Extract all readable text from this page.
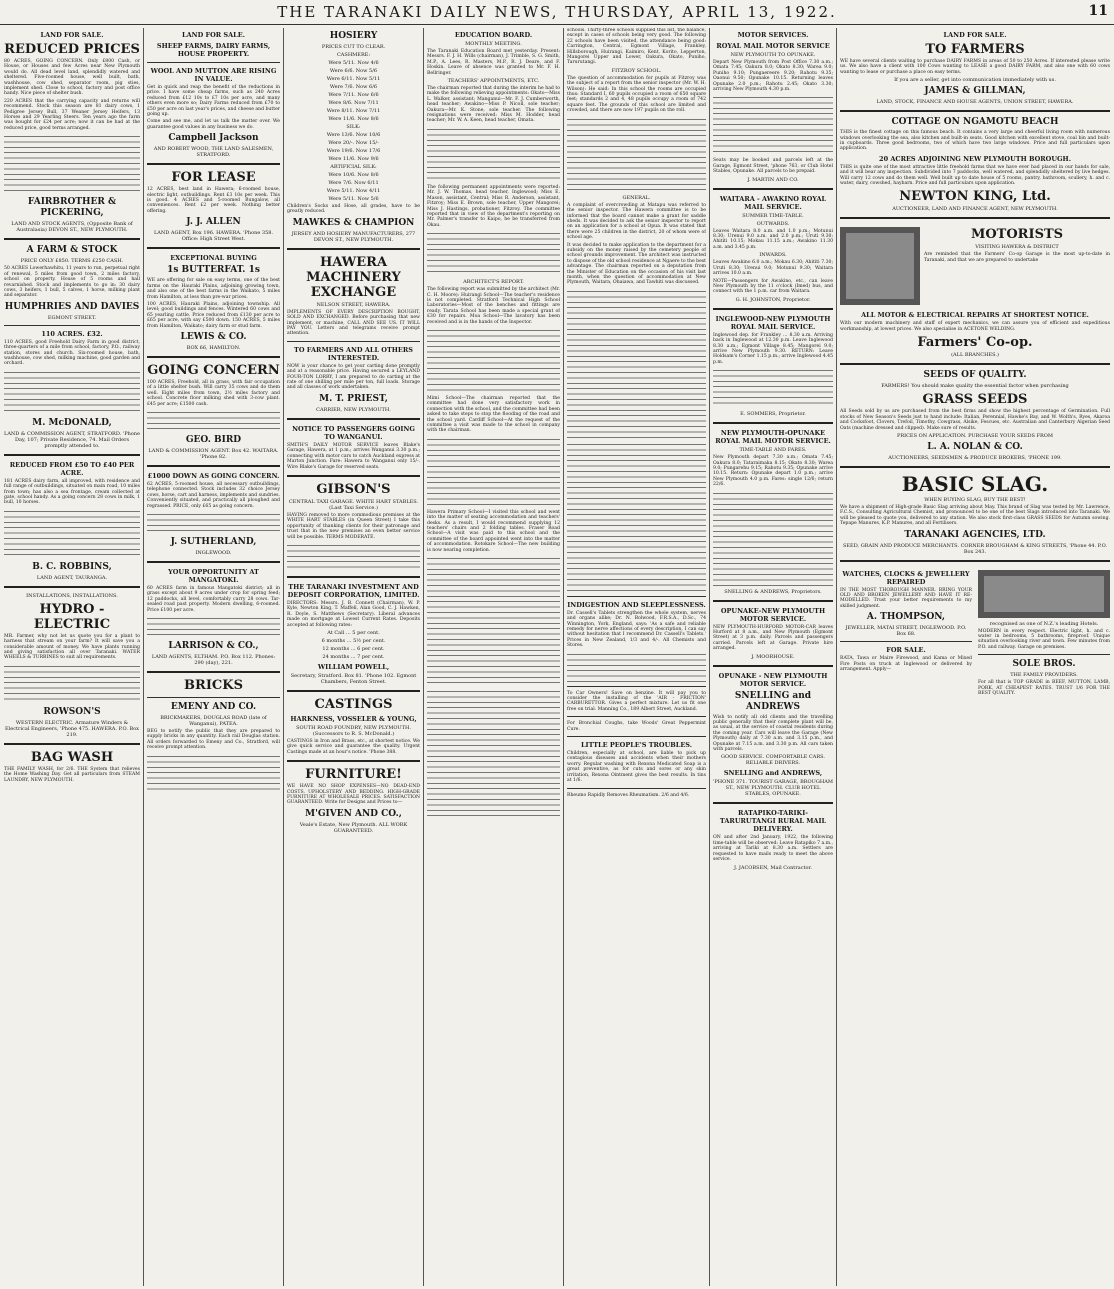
THE TARANAKI DAILY NEWS, THURSDAY, APRIL 13, 1922.	11
LAND FOR SALE.
REDUCED PRICES

80 ACRES, GOING CONCERN. Only £800 Cash, or House, or Houses and few Acres near New Plymouth would do. All dead level land, splendidly watered and sheltered. Five-roomed house, well built, bath, washhouse, cow shed, separator room, pig sties, implement shed. Close to school, factory and post office handy. Nice piece of shelter bush.

220 ACRES that the carrying capacity and returns will recommend. Stock this season are 81 dairy cows, 1 Pedigree Jersey Bull, 37 Weaner Jersey Heifers, 13 Horses and 29 Yearling Steers. Ten years ago the farm was bought for £24 per acre; now it can be had at the reduced price, good terms arranged.

FAIRBROTHER & PICKERING,
LAND AND STOCK AGENTS, (Opposite Bank of Australasia) DEVON ST., NEW PLYMOUTH.
A FARM & STOCK
PRICE ONLY £850. TERMS £250 CASH.

50 ACRES Lowerhawhitu, 11 years to run, perpetual right of renewal, 5 miles from good town, 2 miles factory, school on property. House of 5 rooms and hall revarnished. Stock and implements to go in: 30 dairy cows, 3 heifers, 1 bull, 5 calves, 1 horse, milking plant and separator.

HUMPHRIES AND DAVIES
EGMONT STREET.
110 ACRES. £32.

110 ACRES, good Freehold Dairy Farm in good district, three-quarters of a mile from school, factory, P.O., railway station, stores and church. Six-roomed house, bath, washhouse, cow shed, milking machine, good garden and orchard.

M. McDONALD,
LAND & COMMISSION AGENT, STRATFORD. 'Phone Day, 107; Private Residence, 74. Mail Orders promptly attended to.
REDUCED FROM £50 TO £40 PER ACRE.

181 ACRES dairy farm, all improved, with residence and full range of outbuildings, situated on main road, 10 miles from town; has also a sea frontage, cream collected at gate, school handy. As a going concern 28 cows in milk, 1 bull, 10 horses.

B. C. ROBBINS,
LAND AGENT, TAURANGA.
INSTALLATIONS, INSTALLATIONS.
HYDRO - ELECTRIC

MR. Farmer, why not let us quote you for a plant to harness that stream on your farm? It will save you a considerable amount of money. We have plants running and giving satisfaction all over Taranaki. WATER WHEELS & TURBINES to suit all requirements.

ROWSON'S
WESTERN ELECTRIC. Armature Winders & Electrical Engineers, 'Phone 475. HAWERA. P.O. Box 219.
BAG WASH

THE FAMILY WASH, for 2/6. THE System that relieves the Home Washing Day. Get all particulars from STEAM LAUNDRY, NEW PLYMOUTH.

LAND FOR SALE.
SHEEP FARMS, DAIRY FARMS, HOUSE PROPERTY.
WOOL AND MUTTON ARE RISING IN VALUE.

Get in quick and reap the benefit of the reductions in price. I have some cheap farms, such as 240 Acres reduced from £12 10s to £7 10s per acre, and many others even more so; Dairy Farms reduced from £70 to £50 per acre on last year's prices, and cheese and butter going up.

Come and see me, and let us talk the matter over. We guarantee good values in any business we do.

Campbell Jackson
AND ROBERT WOOD, THE LAND SALESMEN, STRATFORD.
FOR LEASE

12 ACRES, best land in Hawera; 6-roomed house, electric light, outbuildings. Rent £3 10s per week. This is good. 4 ACRES and 5-roomed Bungalow, all conveniences. Rent £2 per week. Nothing better offering.

J. J. ALLEN
LAND AGENT, Box 196. HAWERA. 'Phone 358. Office: High Street West.
EXCEPTIONAL BUYING
1s BUTTERFAT. 1s

WE are offering for sale on easy terms, one of the best farms on the Hauraki Plains, adjoining growing town, and also one of the best farms in the Waikato, 5 miles from Hamilton, at less than pre-war prices.

100 ACRES, Hauraki Plains, adjoining township. All level; good buildings and fences. Wintered 60 cows and 65 yearling cattle. Price reduced from £130 per acre to £65 per acre, with say £500 down. 150 ACRES, 5 miles from Hamilton, Waikato; dairy farm or stud farm.

LEWIS & CO.
BOX 66, HAMILTON.
GOING CONCERN

100 ACRES, Freehold, all in grass, with fair occupation of a little shelter bush. Will carry 35 cows and do them well. Eight miles from town, 2½ miles factory and school. Concrete floor milking shed with 3-cow plant. £45 per acre; £1500 cash.

GEO. BIRD
LAND & COMMISSION AGENT. Box 42. WAITARA. 'Phone 82.
£1000 DOWN AS GOING CONCERN.

62 ACRES, 5-roomed house, all necessary outbuildings, telephone connected. Stock includes 32 choice Jersey cows, horse, cart and harness, implements and sundries. Conveniently situated, and practically all ploughed and regrassed. PRICE, only £65 as going concern.

J. SUTHERLAND,
INGLEWOOD.
YOUR OPPORTUNITY AT MANGATOKI.

60 ACRES farm in famous Mangatoki district; all in grass except about 9 acres under crop for spring feed; 12 paddocks, all level, comfortably carry 28 cows. Tar-sealed road past property. Modern dwelling, 6-roomed. Price £100 per acre.

LARRISON & CO.,
LAND AGENTS, ELTHAM. P.O. Box 112. Phones: 290 (day), 221.
BRICKS
EMENY AND CO.
BRICKMAKERS, DOUGLAS ROAD (late of Wanganui), PATEA.

BEG to notify the public that they are prepared to supply bricks in any quantity. Each rail Douglas station. All orders forwarded to Emeny and Co., Stratford, will receive prompt attention.

HOSIERY
PRICES CUT TO CLEAR.
CASHMERE:
Were 5/11. Now 4/6
Were 6/6. Now 5/6
Were 6/11. Now 5/11
Were 7/6. Now 6/6
Were 7/11. Now 6/6
Were 8/6. Now 7/11
Were 8/11. Now 7/11
Were 11/6. Now 8/6
SILK:
Were 13/6. Now 10/6
Were 20/-. Now 15/-
Were 19/6. Now 17/6
Were 11/6. Now 9/6
ARTIFICIAL SILK:
Were 10/6. Now 8/6
Were 7/6. Now 6/11
Were 5/11. Now 4/11
Were 5/11. Now 5/6

Children's Socks and Hose, all grades, have to be greatly reduced.

MAWKES & CHAMPION
JERSEY AND HOSIERY MANUFACTURERS, 277 DEVON ST., NEW PLYMOUTH.
HAWERA MACHINERY EXCHANGE
NELSON STREET, HAWERA.

IMPLEMENTS OF EVERY DESCRIPTION BOUGHT, SOLD AND EXCHANGED. Before purchasing that new implement, or machine, CALL AND SEE US. IT WILL PAY YOU. Letters and telegrams receive prompt attention.

TO FARMERS AND ALL OTHERS INTERESTED.

NOW is your chance to get your carting done promptly and at a reasonable price. Having secured a LEYLAND FOUR-TON LORRY, I am prepared to do carting at the rate of one shilling per mile per ton, full loads. Storage and all classes of work undertaken.

M. T. PRIEST,
CARRIER, NEW PLYMOUTH.
NOTICE TO PASSENGERS GOING TO WANGANUI.

SMITH'S DAILY MOTOR SERVICE leaves Blake's Garage, Hawera, at 1 p.m.; arrives Wanganui 3.30 p.m.; connecting with motor cars to catch Auckland express at Marton Junction. Fare: Hawera to Wanganui only 15/-. Wire Blake's Garage for reserved seats.

GIBSON'S
CENTRAL TAXI GARAGE. WHITE HART STABLES. (Last Taxi Service.)

HAVING removed to more commodious premises at the WHITE HART STABLES (in Queen Street) I take this opportunity of thanking clients for their patronage and trust that in the new premises an even better service will be possible. TERMS MODERATE.

THE TARANAKI INVESTMENT AND DEPOSIT CORPORATION, LIMITED.

DIRECTORS: Messrs. J. B. Connett (Chairman), W. P. Kyle, Newton King, T. Maffell, Alan Good, C. J. Hawken, R. Doyle, S. Matthews (Secretary). Liberal advances made on mortgage at Lowest Current Rates. Deposits accepted at following rates:

At Call ... 5 per cent.
6 months ... 5½ per cent.
12 months ... 6 per cent.
24 months ... 7 per cent.
WILLIAM POWELL,
Secretary, Stratford. Box 81. 'Phone 102. Egmont Chambers, Fenton Street.
CASTINGS
HARKNESS, VOSSELER & YOUNG,
SOUTH ROAD FOUNDRY, NEW PLYMOUTH. (Successors to R. S. McDonald.)

CASTINGS in Iron and Brass, etc., at shortest notice. We give quick service and guarantee the quality. Urgent Castings made at an hour's notice. 'Phone 388.

FURNITURE!

WE HAVE NO SHOP EXPENSES—NO DEAD-END COSTS. UPHOLSTERY AND BEDDING. HIGH-GRADE FURNITURE AT WHOLESALE PRICES. SATISFACTION GUARANTEED. Write for Designs and Prices to—

M'GIVEN AND CO.,
Veale's Estate, New Plymouth. ALL WORK GUARANTEED.
EDUCATION BOARD.
MONTHLY MEETING.

The Taranaki Education Board met yesterday. Present: Messrs. F. J. H. Wills (chairman), J. Trimble, S. G. Smith, M.P., A. Lees, R. Masters, M.P., R. J. Deare, and F. Hoskin. Leave of absence was granted to Mr. F. H. Bellringer.

TEACHERS' APPOINTMENTS, ETC.

The chairman reported that during the interim he had to make the following relieving appointments: Okato—Miss L. Walker, assistant; Manganui—Mr. F. J. Cumberworth, head teacher; Awakino—Miss P. Nicoll, sole teacher; Oakura—Mr. K. Stone, sole teacher. The following resignations were received: Miss M. Hodder, head teacher; Mr. W. A. Keen, head teacher, Omata.

The following permanent appointments were reported: Mr. J. W. Thomas, head teacher, Inglewood; Miss E. Mason, assistant, Central; Miss R. Anderson, assistant, Fitzroy; Miss E. Brown, sole teacher, Upper Mangorei; Miss J. Hastings, probationer, Fitzroy. The committee reported that in view of the department's reporting on Mr. Palmer's transfer to Kaipo, he be transferred from Okau.

ARCHITECT'S REPORT.

The following report was submitted by the architect (Mr. C. H. Moore): Huirangi School—The teacher's residence is not completed. Stratford Technical High School Laboratories—Most of the benches and fittings are ready. Tarata School has been made a special grant of £30 for repairs. Moa School—The lavatory has been received and is in the hands of the Inspector.

Mimi School—The chairman reported that the committee had done very satisfactory work in connection with the school, and the committee had been asked to take steps to stop the flooding of the road and the school yard. Cardiff School—At the request of the committee a visit was made to the school in company with the chairman.

Hawera Primary School—I visited this school and went into the matter of seating accommodation and teachers' desks. As a result, I would recommend supplying 12 teachers' chairs and 2 folding tables. Fraser Road School—A visit was paid to this school and the committee of the board appointed went into the matter of accommodation. Rotokare School—The new building is now nearing completion.

schools. Thirty-three schools supplied this list, the balance, except in cases of schools being very good. The following 22 schools have been visited, the attendance being good: Carrington, Central, Egmont Village, Frankley, Hillsborough, Huirangi, Kaimiro, Kent, Korito, Lepperton, Mangorei Upper and Lower, Oakura, Okato, Puniho, Tarurutangi.

FITZROY SCHOOL.

The question of accommodation for pupils at Fitzroy was the subject of a report from the senior inspector (Mr. W. H. Wilson): He said: In this school the rooms are occupied thus: Standard I, 60 pupils occupied a room of 650 square feet; standards 2 and 4, 48 pupils occupy a room of 742 square feet. The grounds of this school are limited and crowded, and there are now 197 pupils on the roll.

GENERAL.

A complaint of overcrowding at Matapu was referred to the senior inspector. The Hawera committee is to be informed that the board cannot make a grant for saddle sheds. It was decided to ask the senior inspector to report on an application for a school at Opua. It was stated that there were 25 children in the district, 20 of whom were of school age.

It was decided to make application to the department for a subsidy on the money raised by the cemetery people of school grounds improvement. The architect was instructed to dispose of the old school residence at Ngaere to the best advantage. The chairman reported on a deputation from the Minister of Education on the occasion of his visit last month, when the question of accommodation at New Plymouth, Waitara, Ohaiawa, and Tawhiti was discussed.

INDIGESTION AND SLEEPLESSNESS.

Dr. Cassell's Tablets strengthen the whole system, nerves and organs alike; Dr. N. Bolwood, F.R.S.A., D.Sc., 74 Winnington, York, England, says: 'As a safe and reliable remedy for nerve affections of every description, I can say without hesitation that I recommend Dr. Cassell's Tablets.' Prices in New Zealand, 1/3 and 4/-. All Chemists and Stores.

To Car Owners! Save on benzine. It will pay you to consider the installing of the 'AIR - FRICTION' CARBURETTOR. Gives a perfect mixture. Let us fit one free on trial. Manning Co., 189 Albert Street, Auckland.

For Bronchial Coughs, take Woods' Great Peppermint Cure.

LITTLE PEOPLE'S TROUBLES.

Children, especially at school, are liable to pick up contagious diseases and accidents when their mothers worry. Regular washing with Rexona Medicated Soap is a great preventive, as for cuts and sores or any skin irritation, Rexona Ointment gives the best results. In tins at 1/6.

Rheumo Rapidly Removes Rheumatism. 2/6 and 4/6.

MOTOR SERVICES.
ROYAL MAIL MOTOR SERVICE
NEW PLYMOUTH TO OPUNAKE.

Depart New Plymouth from Post Office 7.30 a.m.; Omata 7.45; Oakura 8.0; Okato 8.30; Warea 9.0; Puniho 9.10; Pungaereere 9.20; Rahotu 9.35; Oaonui 9.50; Opunake 10.15. Returning leaves Opunake 2.0 p.m.; Rahotu 2.45; Okato 3.30; arriving New Plymouth 4.30 p.m.

Seats may be booked and parcels left at the Garage, Egmont Street, 'phone 763, or Club Hotel Stables, Opunake. All parcels to be prepaid.

J. MARTIN AND CO.
WAITARA - AWAKINO ROYAL MAIL SERVICE.
SUMMER TIME-TABLE.
OUTWARDS.

Leaves Waitara 8.0 a.m. and 1.0 p.m.; Motunui 8.30; Urenui 9.0 a.m. and 2.0 p.m.; Uruti 9.30; Ahititi 10.15; Mokau 11.15 a.m.; Awakino 11.30 a.m. and 3.45 p.m.

INWARDS.

Leaves Awakino 6.0 a.m.; Mokau 6.30; Ahititi 7.30; Uruti 8.30; Urenui 9.0; Motunui 9.30; Waitara arrives 10.0 a.m.

NOTE—Passengers for Awakino, etc., can leave New Plymouth by the 11 o'clock (Imed) bus, and connect with the 1 p.m. car from Waitara.

G. H. JOHNSTON, Proprietor.
INGLEWOOD-NEW PLYMOUTH ROYAL MAIL SERVICE.

Inglewood dep. for Frankley ... 8.30 a.m. Arriving back in Inglewood at 12.30 p.m. Leave Inglewood 8.30 a.m.; Egmont Village 8.45; Mangorei 9.0; arrive New Plymouth 9.30. RETURN: Leave Holdsam's Corner 1.15 p.m.; arrive Inglewood 4.45 p.m.

E. SOMMERS, Proprietor.
NEW PLYMOUTH-OPUNAKE ROYAL MAIL MOTOR SERVICE.
TIME-TABLE AND FARES.

New Plymouth depart 7.30 a.m.; Omata 7.45; Oakura 8.0; Tataraimaka 8.15; Okato 8.30; Warea 9.0; Pungarehu 9.15; Rahotu 9.35; Opunake arrive 10.15. Return: Opunake depart 1.0 p.m.; arrive New Plymouth 4.0 p.m. Fares: single 12/6; return 22/6.

SNELLING & ANDREWS, Proprietors.
OPUNAKE-NEW PLYMOUTH MOTOR SERVICE.

NEW PLYMOUTH-HURFORD MOTOR-CAR leaves Hurford at 8 a.m., and New Plymouth (Egmont Street) at 3 p.m. daily. Parcels and passengers carried. Parcels left at Garage. Private hire arranged.

J. MOORHOUSE.
OPUNAKE - NEW PLYMOUTH MOTOR SERVICE.
SNELLING and ANDREWS

Wish to notify all old clients and the travelling public generally that their complete plant will be, as usual, at the service of coastal residents during the coming year. Cars will leave the Garage (New Plymouth) daily at 7.30 a.m. and 3.15 p.m., and Opunake at 7.15 a.m. and 3.30 p.m. All cars taken with parcels.

GOOD SERVICE. COMFORTABLE CARS. RELIABLE DRIVERS.
SNELLING and ANDREWS,
'PHONE 371. TOURIST GARAGE, BROUGHAM ST., NEW PLYMOUTH. CLUB HOTEL STABLES, OPUNAKE.
RATAPIKO-TARIKI-TARURUTANGI RURAL MAIL DELIVERY.

ON and after 2nd January, 1922, the following time-table will be observed: Leave Ratapiko 7 a.m., arriving at Tariki at 8.30 a.m. Settlers are requested to have mails ready to meet the above service.

J. JACOBSEN, Mail Contractor.
LAND FOR SALE.
TO FARMERS

WE have several clients waiting to purchase DAIRY FARMS in areas of 50 to 250 Acres. If interested please write us. We also have a client with 100 Cows wanting to LEASE a good DAIRY FARM, and also one with 60 cows wanting to lease or purchase a place on easy terms.

If you are a seller, get into communication immediately with us.
JAMES & GILLMAN,
LAND, STOCK, FINANCE AND HOUSE AGENTS, UNION STREET, HAWERA.
COTTAGE ON NGAMOTU BEACH

THIS is the finest cottage on this famous beach. It contains a very large and cheerful living room with numerous windows overlooking the sea, also kitchen and built-in seats. Good kitchen with excellent stove, coal bin and built-in cupboards. Three good bedrooms, two of which have two large windows. Price and full particulars upon application.

20 ACRES ADJOINING NEW PLYMOUTH BOROUGH.

THIS is quite one of the most attractive little freehold farms that we have ever had placed in our hands for sale, and it will bear any inspection. Subdivided into 7 paddocks, well watered, and splendidly sheltered by live hedges. Will carry 12 cows and do them well. Well built up to date house of 5 rooms, pantry, bathroom, scullery, h. and c. water, dairy, cowshed, haybarn. Price and full particulars upon application.

NEWTON KING, Ltd.
AUCTIONEER, LAND AND FINANCE AGENT, NEW PLYMOUTH.
MOTORISTS
VISITING HAWERA & DISTRICT

Are reminded that the Farmers' Co-op Garage is the most up-to-date in Taranaki, and that we are prepared to undertake

ALL MOTOR & ELECTRICAL REPAIRS AT SHORTEST NOTICE.

With our modern machinery and staff of expert mechanics, we can assure you of efficient and expeditious workmanship, at lowest prices. We also specialise in ACETONE WELDING.

Farmers' Co-op.
(ALL BRANCHES.)
SEEDS OF QUALITY.
FARMERS! You should make quality the essential factor when purchasing
GRASS SEEDS

All Seeds sold by us are purchased from the best firms and show the highest percentage of Germination. Full stocks of New Season's Seeds just to hand include: Italian, Perennial, Hawke's Bay, and W. Wolth's, Ryes, Akaroa and Cocksfoot, Clovers, Trefoil, Timothy, Cowgrass, Alsike, Fescues, etc. Australian and Canterbury Algerian Seed Oats (machine dressed and clipped). Make sure of results.

PRICES ON APPLICATION. PURCHASE YOUR SEEDS FROM
L. A. NOLAN & CO.
AUCTIONEERS, SEEDSMEN & PRODUCE BROKERS, 'PHONE 199.
BASIC SLAG.
WHEN BUYING SLAG, BUY THE BEST!

We have a shipment of High-grade Basic Slag arriving about May. This brand of Slag was tested by Mr. Lawrence, F.C.S., Consulting Agricultural Chemist, and pronounced to be one of the best Slags introduced into Taranaki. We will be pleased to quote you, delivered to any station. We also stock first-class GRASS SEEDS for Autumn sowing. Tepape Manures, K.P. Manures, and all Fertilisers.

TARANAKI AGENCIES, LTD.
SEED, GRAIN AND PRODUCE MERCHANTS. CORNER BROUGHAM & KING STREETS, 'Phone 44. P.O. Box 243.
WATCHES, CLOCKS & JEWELLERY REPAIRED

IN THE MOST THOROUGH MANNER. BRING YOUR OLD AND BROKEN JEWELLERY AND HAVE IT RE-MODELLED. Trust your better requirements to my skilled judgment.

A. THOMPSON,
JEWELLER, MATAI STREET, INGLEWOOD. P.O. Box 68.
FOR SALE.

RATA, Tawa or Maire Firewood, and Kama or Mixed Fire Posts on truck at Inglewood or delivered by arrangement. Apply—

recognised as one of N.Z.'s leading Hotels.

MODERN in every respect. Electric light, h. and c. water in bedrooms, 5 bathrooms, fireproof. Unique situation overlooking river and town. Few minutes from P.O. and railway. Garage on premises.

SOLE BROS.
THE FAMILY PROVIDERS.

For all that is TOP GRADE in BEEF, MUTTON, LAMB, PORK, AT CHEAPEST RATES. TRUST 1/6 FOR THE BEST QUALITY.
